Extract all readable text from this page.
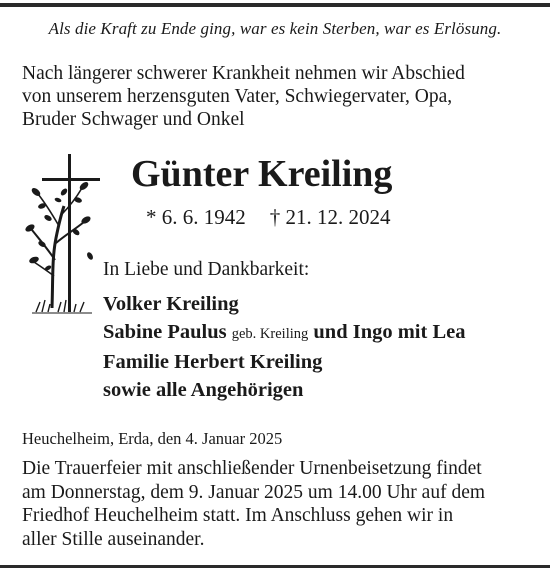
Als die Kraft zu Ende ging, war es kein Sterben, war es Erlösung.
Nach längerer schwerer Krankheit nehmen wir Abschied
von unserem herzensguten Vater, Schwiegervater, Opa,
Bruder Schwager und Onkel
Günter Kreiling
* 6. 6. 1942 † 21. 12. 2024
In Liebe und Dankbarkeit:
Volker Kreiling
Sabine Paulus geb. Kreiling und Ingo mit Lea
Familie Herbert Kreiling
sowie alle Angehörigen
Heuchelheim, Erda, den 4. Januar 2025
Die Trauerfeier mit anschließender Urnenbeisetzung findet
am Donnerstag, dem 9. Januar 2025 um 14.00 Uhr auf dem
Friedhof Heuchelheim statt. Im Anschluss gehen wir in
aller Stille auseinander.
